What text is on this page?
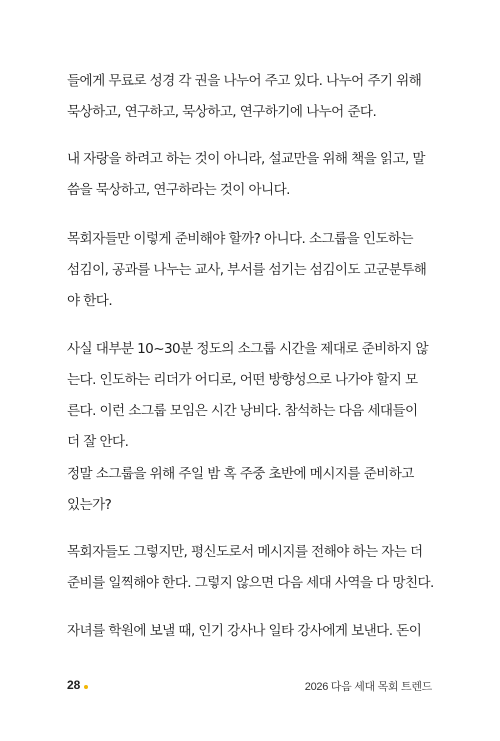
들에게 무료로 성경 각 권을 나누어 주고 있다. 나누어 주기 위해
묵상하고, 연구하고, 묵상하고, 연구하기에 나누어 준다.
내 자랑을 하려고 하는 것이 아니라, 설교만을 위해 책을 읽고, 말
씀을 묵상하고, 연구하라는 것이 아니다.
목회자들만 이렇게 준비해야 할까? 아니다. 소그룹을 인도하는
섬김이, 공과를 나누는 교사, 부서를 섬기는 섬김이도 고군분투해
야 한다.
사실 대부분 10~30분 정도의 소그룹 시간을 제대로 준비하지 않
는다. 인도하는 리더가 어디로, 어떤 방향성으로 나가야 할지 모
른다. 이런 소그룹 모임은 시간 낭비다. 참석하는 다음 세대들이
더 잘 안다.
정말 소그룹을 위해 주일 밤 혹 주중 초반에 메시지를 준비하고
있는가?
목회자들도 그렇지만, 평신도로서 메시지를 전해야 하는 자는 더
준비를 일찍해야 한다. 그렇지 않으면 다음 세대 사역을 다 망친다.
자녀를 학원에 보낼 때, 인기 강사나 일타 강사에게 보낸다. 돈이
28	2026 다음 세대 목회 트렌드
